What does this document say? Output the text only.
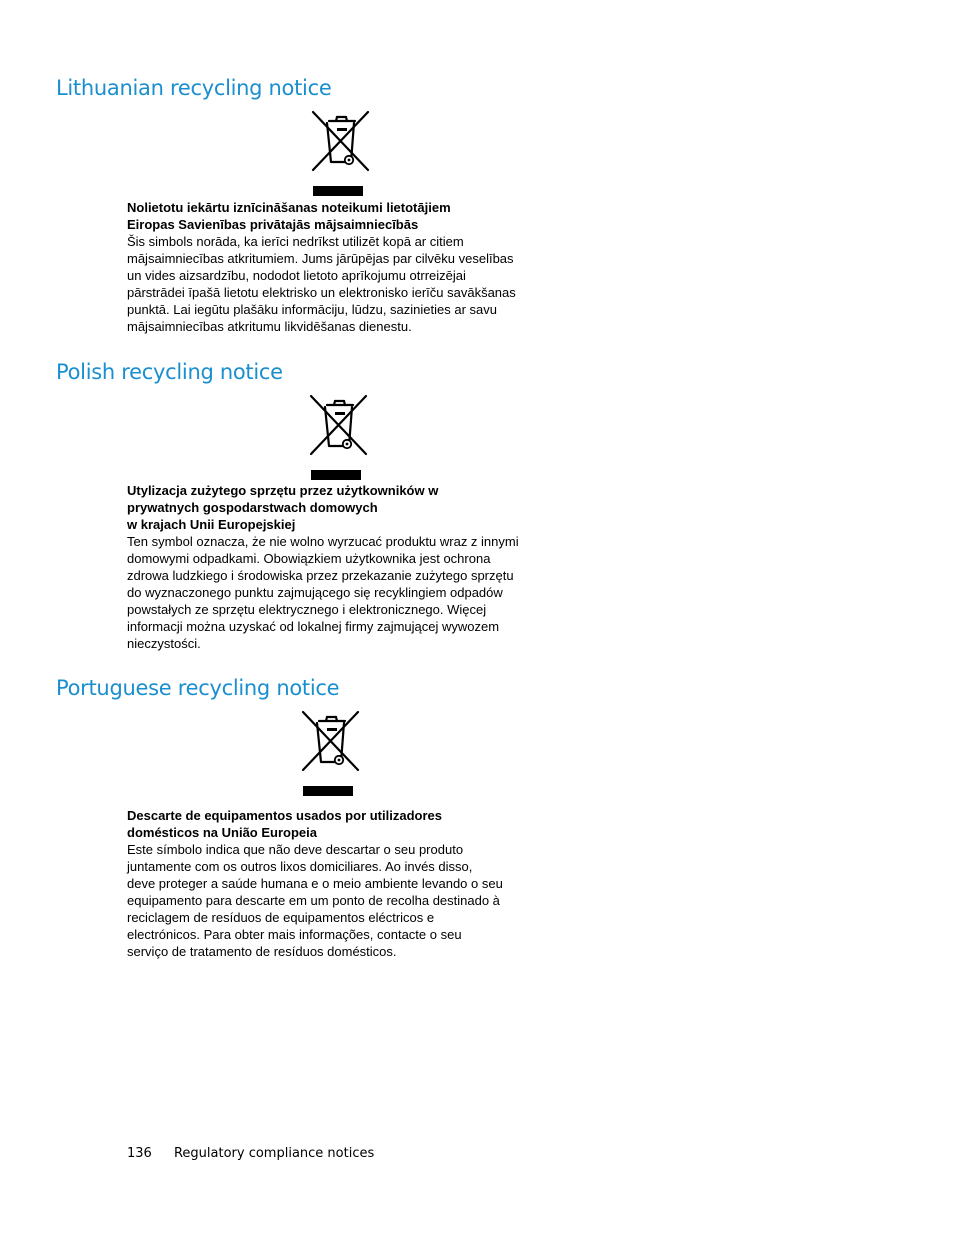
Lithuanian recycling notice
Nolietotu iekārtu iznīcināšanas noteikumi lietotājiem
Eiropas Savienības privātajās mājsaimniecībās
Šis simbols norāda, ka ierīci nedrīkst utilizēt kopā ar citiem
mājsaimniecības atkritumiem. Jums jārūpējas par cilvēku veselības
un vides aizsardzību, nododot lietoto aprīkojumu otrreizējai
pārstrādei īpašā lietotu elektrisko un elektronisko ierīču savākšanas
punktā. Lai iegūtu plašāku informāciju, lūdzu, sazinieties ar savu
mājsaimniecības atkritumu likvidēšanas dienestu.
Polish recycling notice
Utylizacja zużytego sprzętu przez użytkowników w
prywatnych gospodarstwach domowych
w krajach Unii Europejskiej
Ten symbol oznacza, że nie wolno wyrzucać produktu wraz z innymi
domowymi odpadkami. Obowiązkiem użytkownika jest ochrona
zdrowa ludzkiego i środowiska przez przekazanie zużytego sprzętu
do wyznaczonego punktu zajmującego się recyklingiem odpadów
powstałych ze sprzętu elektrycznego i elektronicznego. Więcej
informacji można uzyskać od lokalnej firmy zajmującej wywozem
nieczystości.
Portuguese recycling notice
Descarte de equipamentos usados por utilizadores
domésticos na União Europeia
Este símbolo indica que não deve descartar o seu produto
juntamente com os outros lixos domiciliares. Ao invés disso,
deve proteger a saúde humana e o meio ambiente levando o seu
equipamento para descarte em um ponto de recolha destinado à
reciclagem de resíduos de equipamentos eléctricos e
electrónicos. Para obter mais informações, contacte o seu
serviço de tratamento de resíduos domésticos.
136 Regulatory compliance notices
